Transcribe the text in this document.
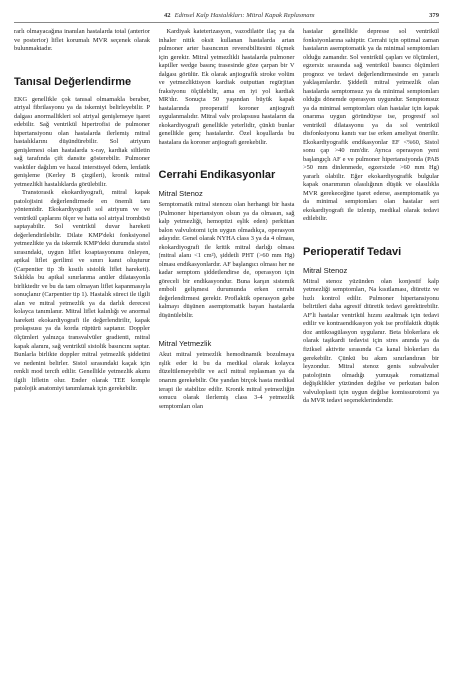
42 Edinsel Kalp Hastalıkları: Mitral Kapak Replasmanı	379

rarlı olmayacağına inanılan hastalarda total (anterior ve posterior) liflet korumalı MVR seçenek olarak bulunmaktadır.

Tanısal Değerlendirme

EKG genellikle çok tanısal olmamakla beraber, atriyal fibrilasyonu ya da iskemiyi belirleyebilir. P dalgası anormallikleri sol atriyal genişlemeye işaret edebilir. Sağ ventrikül hipertrofisi de pulmoner hipertansiyonu olan hastalarda ilerlemiş mitral hastalıklarını düşündürebilir. Sol atriyum genişlemesi olan hastalarda x-ray, kardiak siltletin sağ tarafında çift dansite gösterebilir. Pulmoner vasküler dağılım ve hazal interstisyel ödem, lenfatik genişleme (Kerley B çizgileri), kronik mitral yetmezlikli hastalıklarda görülebilir.

Transtorasik ekokardiyografi, mitral kapak patolojisini değerlendirmede en önemli tanı yöntemidir. Ekokardiyografi sol atriyum ve ve ventrikül çaplarını ölçer ve hatta sol atriyal trombüsü saptayabilir. Sol ventrikül duvar hareketi değerlendirilebilir. Dilate KMP'deki fonksiyonel yetmezlikte ya da iskemik KMP'deki durumda sistol sırasındaki, uygun liflet koaptasyonunu önleyen, apikal liflet gerilimi ve sınırı kanıt oluşturur (Carpentier tip 3b kısıtlı sistolik liflet hareketi). Sıklıkla bu apikal sınırlanma anüler dilatasyonla birliktedir ve bu da tam olmayan liflet kapanmasıyla sonuçlanır (Carpentier tip 1). Hastalık süreci ile ilgili alan ve mitral yetmezlik ya da darlık derecesi kolayca tanımlanır. Mitral liflet kalınlığı ve anormal hareketi ekokardiyografi ile değerlendirilir, kapak prolapsusu ya da korda rüptürü saptanır. Doppler ölçümleri yalnızça transvalvüler gradienti, mitral kapak alanını, sağ ventrikül sistolik basıncını saptar. Bunlarla birlikte doppler mitral yetmezlik şiddetini ve nedenini belirler. Sistol sırasındaki kaçak için renkli mod tercih edilir. Genellikle yetmezlik akımı ilgili lifletin olur. Ender olarak TEE komple patolojik anatomiyi tanımlamak için gerekebilir.

Kardiyak kateterizasyon, vazodilatör ilaç ya da inhaler nitik oksit kullanan hastalarda artan pulmoner arter basıncının reversibilitesini ölçmek için gerekir. Mitral yetmezlikli hastalarda pulmoner kapiller wedge basınç trasesinde göze çarpan bir V dalgası görülür. Ek olarak anjiografik stroke volüm ve yetmezliktisyon kardiak outputtan regürjitan fraksiyonu ölçülebilir, ama en iyi yol kardiak MR'dır. Sonuçta 50 yaşından büyük kapak hastalarında preoperatif koroner anjiografi uygulanmalıdır. Mitral valv prolapsusu hastaların da ekokardiyografi genellikle yeterlidir, çünkü bunlar genellikle genç hastalardır. Özel koşullarda bu hastalara da koroner anjiografi gerekebilir.

Cerrahi Endikasyonlar
Mitral Stenoz

Semptomatik mitral stenozu olan herhangi bir hasta (Pulmoner hipertansiyon olsun ya da olmasın, sağ kalp yetmezliği, hemoptizi eşlik eden) perkütan balon valvulotomi için uygun olmadıkça, operasyon adayıdır. Genel olarak NYHA class 3 ya da 4 olması, ekokardiyografi ile kritik mitral darlığı olması (mitral alanı <1 cm²), şiddetli PHT (>60 mm Hg) olması endikasyonlardır. AF başlangıcı olması her ne kadar semptom şiddetlendirse de, operasyon için göreceli bir endikasyondur. Buna karşın sistemik emboli gelişmesi durumunda erken cerrahi değerlendirmesi gerekir. Proflaktik operasyon gebe kalmayı düşünen asemptomatik bayan hastalarda düşünülebilir.

Mitral Yetmezlik

Akut mitral yetmezlik hemodinamik bozulmaya eşlik eder ki bu da medikal olarak kolayca düzeltilemeyebilir ve acil mitral replasman ya da onarım gerekebilir. Öte yandan birçok hasta medikal terapi ile stabilize edilir. Kronik mitral yetmezliğin sonucu olarak ilerlemiş class 3-4 yetmezlik semptomları olan

hastalar genellikle depresse sol ventrikül fonksiyonlarına sahiptir. Cerrahi için optimal zaman hastaların asemptomatik ya da minimal semptomları olduğu zamandır. Sol ventrikül çapları ve ölçümleri, egzersiz sırasında sağ ventrikül basıncı ölçümleri prognoz ve tedavi değerlendirmesinde en yararlı yaklaşımlardır. Şiddetli mitral yetmezlik olan hastalarda semptomsuz ya da minimal semptomları olduğu dönemde operasyon uygundur. Semptomsuz ya da minimal semptomları olan hastalar için kapak onarıma uygun göründüyse ise, progresif sol ventrikül dilatasyonu ya da sol ventrikül disfonksiyonu kanıtı var ise erken ameliyat önerilir. Ekokardiyografik endikasyonlar EF <%60, Sistol sonu çap >40 mm'dir. Ayrıca operasyon yeni başlangıçlı AF e ve pulmoner hipertansiyonda (PAB >50 mm dinlenmede, egzersizde >60 mm Hg) yararlı olabilir. Eğer ekokardiyografik bulgular kapak onarımının olasılığının düşük ve olasılıkla MVR gerekeceğine işaret ederse, asemptomatik ya da minimal semptomları olan hastalar seri ekokardiyografi ile izlenip, medikal olarak tedavi edilebilir.

Perioperatif Tedavi
Mitral Stenoz

Mitral stenoz yüzünden olan konjestif kalp yetmezliği semptomları, Na kısıtlaması, diüretiz ve hızlı kontrol edilir. Pulmoner hipertansiyonu belirtileri daha agresif diüretik tedavi gerektirebilir. AF'li hastalar ventrikül hızını azaltmak için tedavi edilir ve kontraendikasyon yok ise profilaktik düşük doz antikoagülasyon uygulanır. Beta blokerlara ek olarak taşikardi tedavisi için stres anında ya da fiziksel aktivite sırasında Ca kanal blokerları da gerekebilir. Çünkü bu akım sınırlandıran bir leyzondur. Mitral stenoz genis subvalvuler patolojinin olmadığı yumuşak romatizmal değişiklikler yüzünden değilse ve perkutan balon valvuloplasti için uygun değilse komissurotomi ya da MVR tedavi seçeneklerindendir.
